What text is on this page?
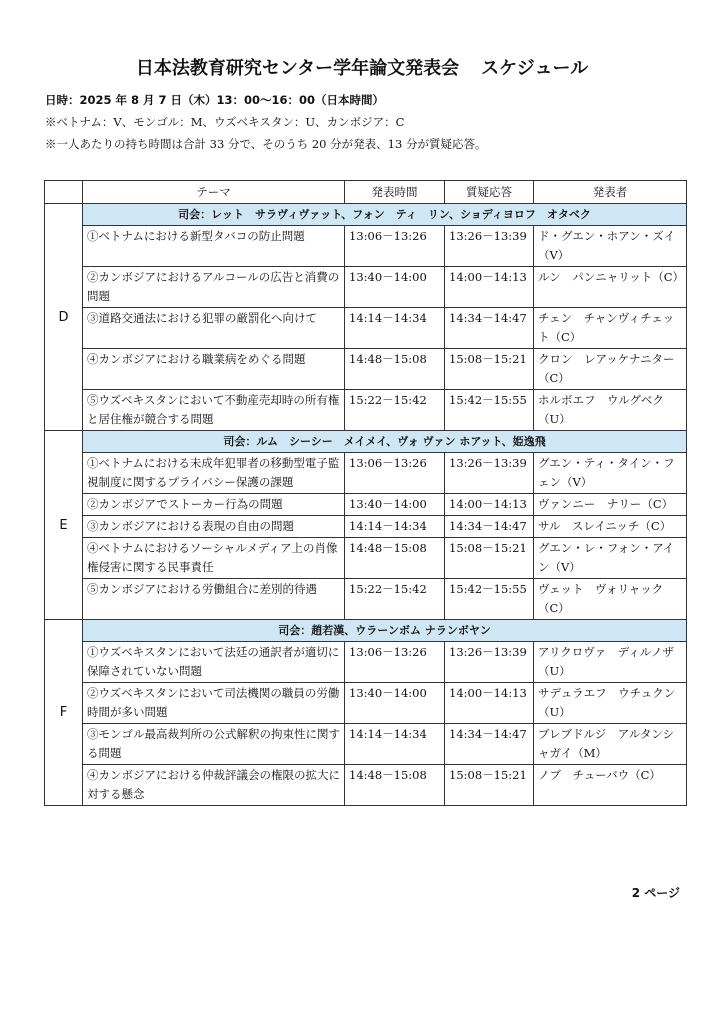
日本法教育研究センター学年論文発表会 スケジュール
日時：2025 年 8 月 7 日（木）13：00〜16：00（日本時間）
※ベトナム：V、モンゴル：M、ウズベキスタン：U、カンボジア：C
※一人あたりの持ち時間は合計 33 分で、そのうち 20 分が発表、13 分が質疑応答。
	テーマ	発表時間	質疑応答	発表者
D	司会：レット　サラヴィヴァット、フォン　ティ　リン、ショディヨロフ　オタベク			
	①ベトナムにおける新型タバコの防止問題	13:06－13:26	13:26－13:39	ド・グエン・ホアン・ズイ（V）
	②カンボジアにおけるアルコールの広告と消費の問題	13:40－14:00	14:00－14:13	ルン　パンニャリット（C）
	③道路交通法における犯罪の厳罰化へ向けて	14:14－14:34	14:34－14:47	チェン　チャンヴィチェット（C）
	④カンボジアにおける職業病をめぐる問題	14:48－15:08	15:08－15:21	クロン　レアッケナニター（C）
	⑤ウズベキスタンにおいて不動産売却時の所有権と居住権が競合する問題	15:22－15:42	15:42－15:55	ホルボエフ　ウルグベク（U）
E	司会：ルム　シーシー　メイメイ、ヴォ ヴァン ホアット、姫逸飛			
	①ベトナムにおける未成年犯罪者の移動型電子監視制度に関するプライバシー保護の課題	13:06－13:26	13:26－13:39	グエン・ティ・タイン・フェン（V）
	②カンボジアでストーカー行為の問題	13:40－14:00	14:00－14:13	ヴァンニー　ナリー（C）
	③カンボジアにおける表現の自由の問題	14:14－14:34	14:34－14:47	サル　スレイニッチ（C）
	④ベトナムにおけるソーシャルメディア上の肖像権侵害に関する民事責任	14:48－15:08	15:08－15:21	グエン・レ・フォン・アイン（V）
	⑤カンボジアにおける労働組合に差別的待遇	15:22－15:42	15:42－15:55	ヴェット　ヴォリャック（C）
F	司会：趙若漢、ウラーンボム ナランボヤン			
	①ウズベキスタンにおいて法廷の通訳者が適切に保障されていない問題	13:06－13:26	13:26－13:39	アリクロヴァ　ディルノザ（U）
	②ウズベキスタンにおいて司法機関の職員の労働時間が多い問題	13:40－14:00	14:00－14:13	サデュラエフ　ウチュクン（U）
	③モンゴル最高裁判所の公式解釈の拘束性に関する問題	14:14－14:34	14:34－14:47	ブレブドルジ　アルタンシャガイ（M）
	④カンボジアにおける仲裁評議会の権限の拡大に対する懸念	14:48－15:08	15:08－15:21	ノブ　チューバウ（C）
2 ページ
